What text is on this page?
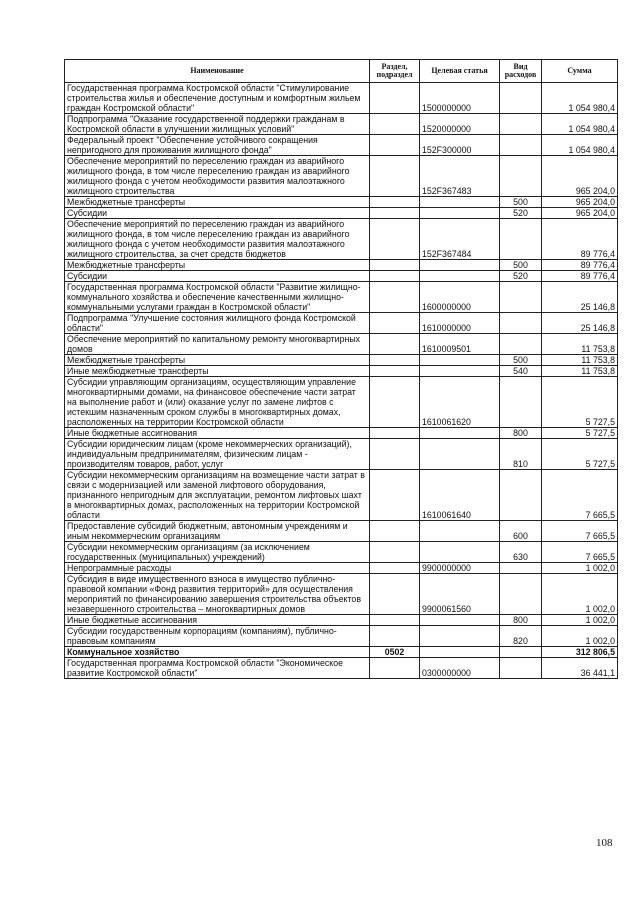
Наименование	Раздел, подраздел	Целевая статья	Вид расходов	Сумма
Государственная программа Костромской области "Стимулирование строительства жилья и обеспечение доступным и комфортным жильем граждан Костромской области"		1500000000		1 054 980,4
Подпрограмма "Оказание государственной поддержки гражданам в Костромской области в улучшении жилищных условий"		1520000000		1 054 980,4
Федеральный проект "Обеспечение устойчивого сокращения непригодного для проживания жилищного фонда"		152F300000		1 054 980,4
Обеспечение мероприятий по переселению граждан из аварийного жилищного фонда, в том числе переселению граждан из аварийного жилищного фонда с учетом необходимости развития малоэтажного жилищного строительства		152F367483		965 204,0
Межбюджетные трансферты			500	965 204,0
Субсидии			520	965 204,0
Обеспечение мероприятий по переселению граждан из аварийного жилищного фонда, в том числе переселению граждан из аварийного жилищного фонда с учетом необходимости развития малоэтажного жилищного строительства, за счет средств бюджетов		152F367484		89 776,4
Межбюджетные трансферты			500	89 776,4
Субсидии			520	89 776,4
Государственная программа Костромской области "Развитие жилищно-коммунального хозяйства и обеспечение качественными жилищно-коммунальными услугами граждан в Костромской области"		1600000000		25 146,8
Подпрограмма "Улучшение состояния жилищного фонда Костромской области"		1610000000		25 146,8
Обеспечение мероприятий по капитальному ремонту многоквартирных домов		1610009501		11 753,8
Межбюджетные трансферты			500	11 753,8
Иные межбюджетные трансферты			540	11 753,8
Субсидии управляющим организациям, осуществляющим управление многоквартирными домами, на финансовое обеспечение части затрат на выполнение работ и (или) оказание услуг по замене лифтов с истекшим назначенным сроком службы в многоквартирных домах, расположенных на территории Костромской области		1610061620		5 727,5
Иные бюджетные ассигнования			800	5 727,5
Субсидии юридическим лицам (кроме некоммерческих организаций), индивидуальным предпринимателям, физическим лицам - производителям товаров, работ, услуг			810	5 727,5
Субсидии некоммерческим организациям на возмещение части затрат в связи с модернизацией или заменой лифтового оборудования, признанного непригодным для эксплуатации, ремонтом лифтовых шахт в многоквартирных домах, расположенных на территории Костромской области		1610061640		7 665,5
Предоставление субсидий бюджетным, автономным учреждениям и иным некоммерческим организациям			600	7 665,5
Субсидии некоммерческим организациям (за исключением государственных (муниципальных) учреждений)			630	7 665,5
Непрограммные расходы		9900000000		1 002,0
Субсидия в виде имущественного взноса в имущество публично-правовой компании «Фонд развития территорий» для осуществления мероприятий по финансированию завершения строительства объектов незавершенного строительства – многоквартирных домов		9900061560		1 002,0
Иные бюджетные ассигнования			800	1 002,0
Субсидии государственным корпорациям (компаниям), публично-правовым компаниям			820	1 002,0
Коммунальное хозяйство	0502			312 806,5
Государственная программа Костромской области "Экономическое развитие Костромской области"		0300000000		36 441,1
108
